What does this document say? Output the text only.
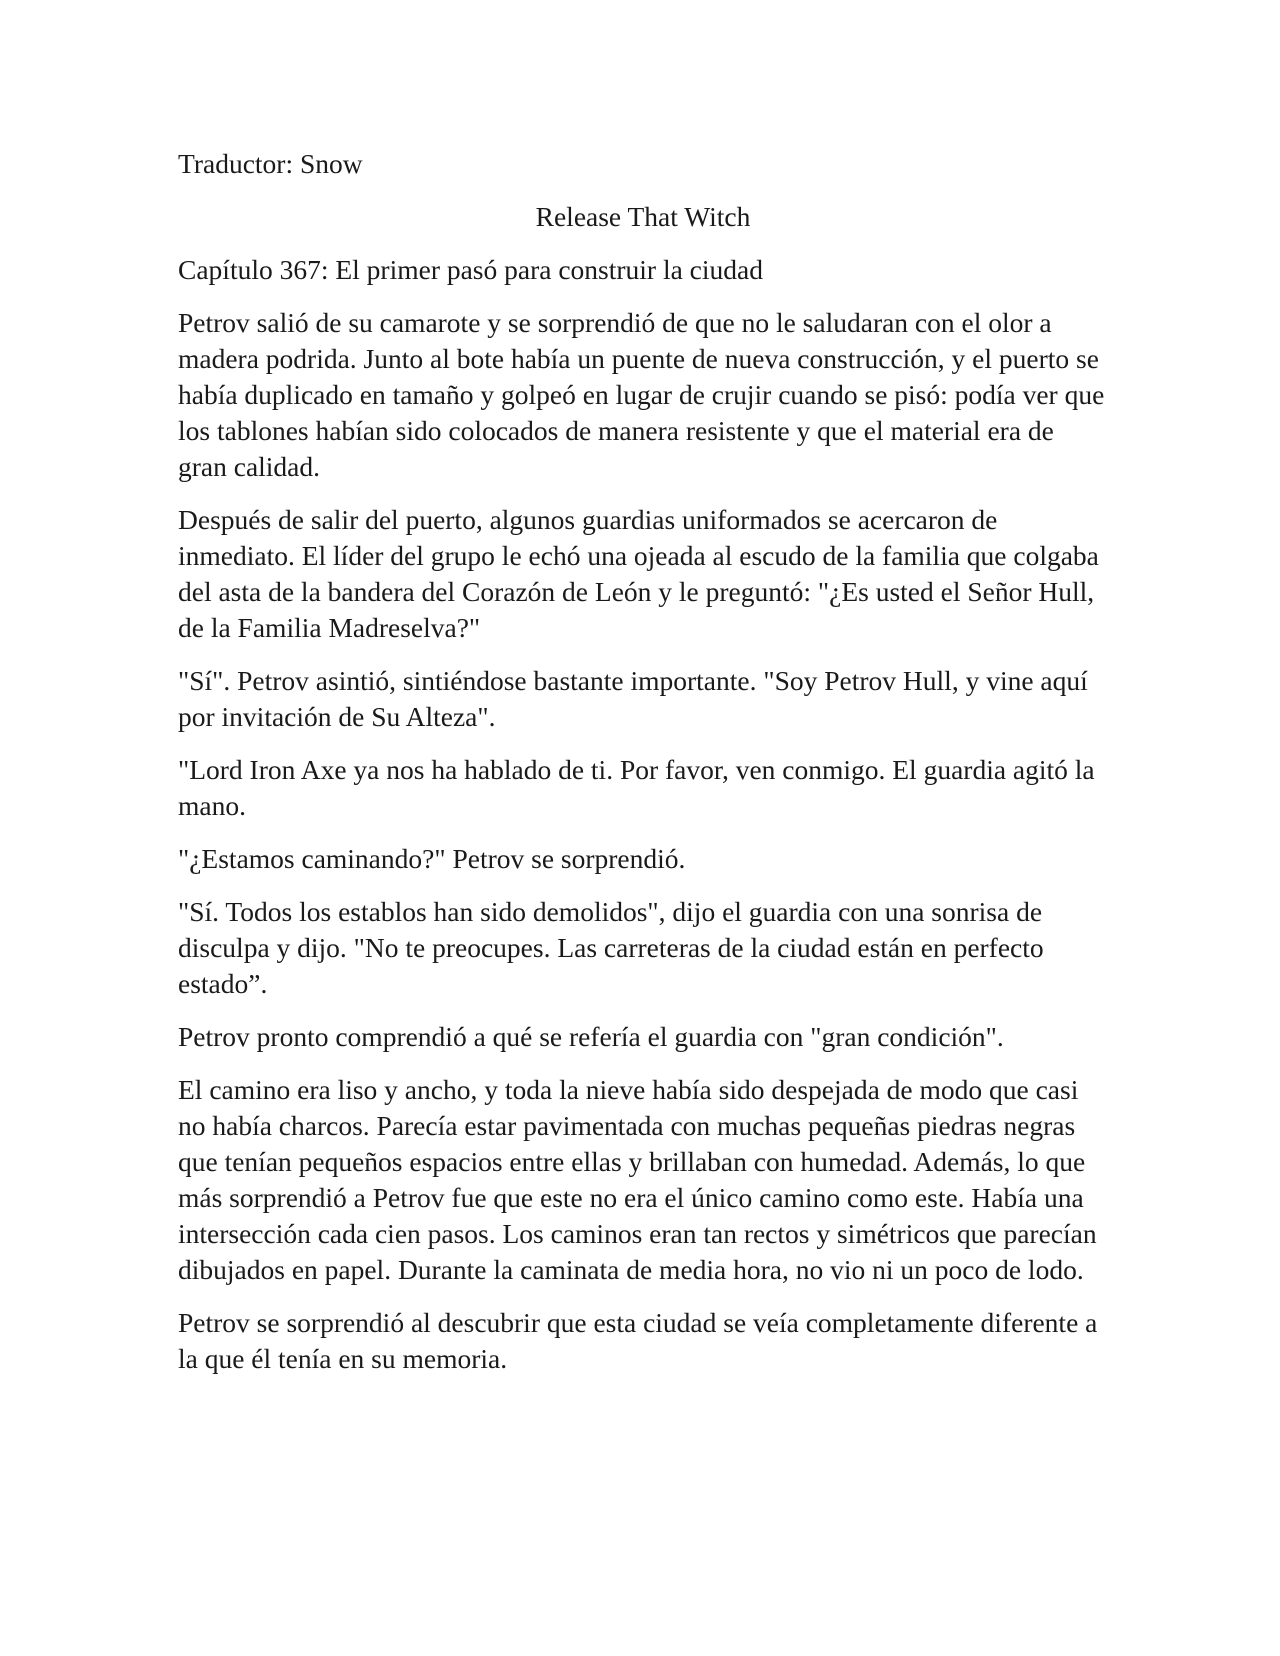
Traductor: Snow

Release That Witch

Capítulo 367: El primer pasó para construir la ciudad

Petrov salió de su camarote y se sorprendió de que no le saludaran con el olor a madera podrida. Junto al bote había un puente de nueva construcción, y el puerto se había duplicado en tamaño y golpeó en lugar de crujir cuando se pisó: podía ver que los tablones habían sido colocados de manera resistente y que el material era de gran calidad.

Después de salir del puerto, algunos guardias uniformados se acercaron de inmediato. El líder del grupo le echó una ojeada al escudo de la familia que colgaba del asta de la bandera del Corazón de León y le preguntó: "¿Es usted el Señor Hull, de la Familia Madreselva?"

"Sí". Petrov asintió, sintiéndose bastante importante. "Soy Petrov Hull, y vine aquí por invitación de Su Alteza".

"Lord Iron Axe ya nos ha hablado de ti. Por favor, ven conmigo. El guardia agitó la mano.

"¿Estamos caminando?" Petrov se sorprendió.

"Sí. Todos los establos han sido demolidos", dijo el guardia con una sonrisa de disculpa y dijo. "No te preocupes. Las carreteras de la ciudad están en perfecto estado”.

Petrov pronto comprendió a qué se refería el guardia con "gran condición".

El camino era liso y ancho, y toda la nieve había sido despejada de modo que casi no había charcos. Parecía estar pavimentada con muchas pequeñas piedras negras que tenían pequeños espacios entre ellas y brillaban con humedad. Además, lo que más sorprendió a Petrov fue que este no era el único camino como este. Había una intersección cada cien pasos. Los caminos eran tan rectos y simétricos que parecían dibujados en papel. Durante la caminata de media hora, no vio ni un poco de lodo.

Petrov se sorprendió al descubrir que esta ciudad se veía completamente diferente a la que él tenía en su memoria.
